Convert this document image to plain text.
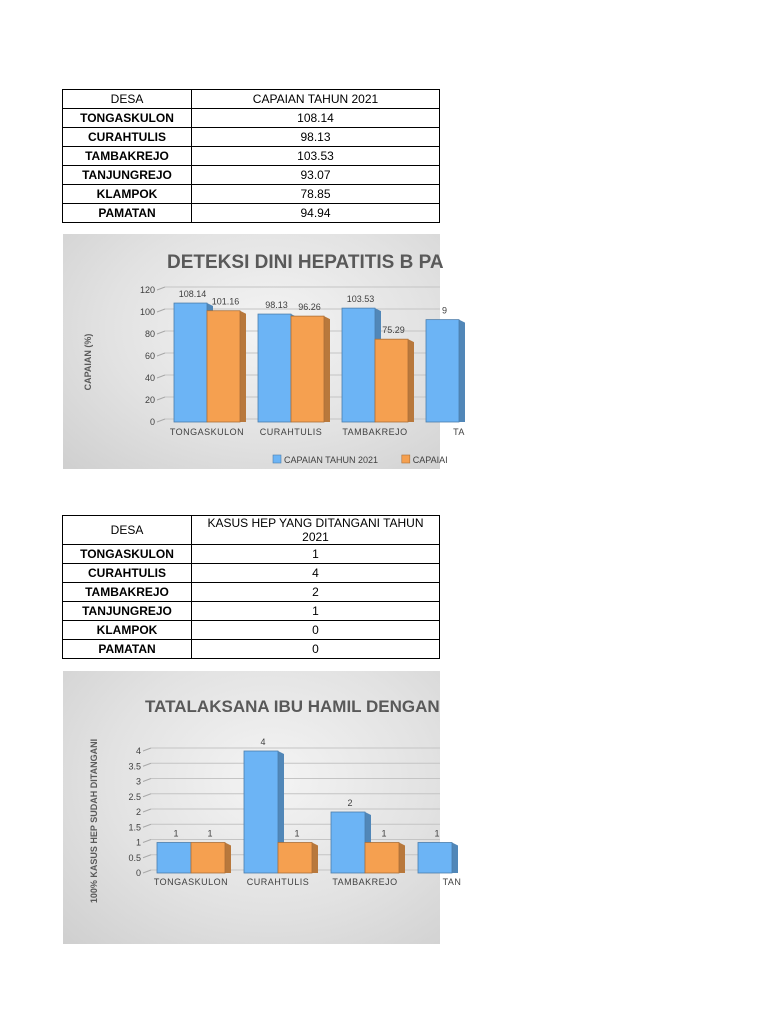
DESA	CAPAIAN TAHUN 2021
TONGASKULON	108.14
CURAHTULIS	98.13
TAMBAKREJO	103.53
TANJUNGREJO	93.07
KLAMPOK	78.85
PAMATAN	94.94
DETEKSI DINI HEPATITIS B PA
CAPAIAN (%)
0
20
40
60
80
100
120
TONGASKULON
108.14
101.16
CURAHTULIS
98.13 96.26
TAMBAKREJO
103.53
75.29
TA
9
CAPAIAN TAHUN 2021	CAPAIAI
DESA	KASUS HEP YANG DITANGANI TAHUN 2021
TONGASKULON	1
CURAHTULIS	4
TAMBAKREJO	2
TANJUNGREJO	1
KLAMPOK	0
PAMATAN	0
TATALAKSANA IBU HAMIL DENGAN
100% KASUS HEP SUDAH DITANGANI	0
0.5
1
1.5
2
2.5
3
3.5
4
TONGASKULON
1	1
CURAHTULIS
4
1
TAMBAKREJO
2
1
TAN
1
